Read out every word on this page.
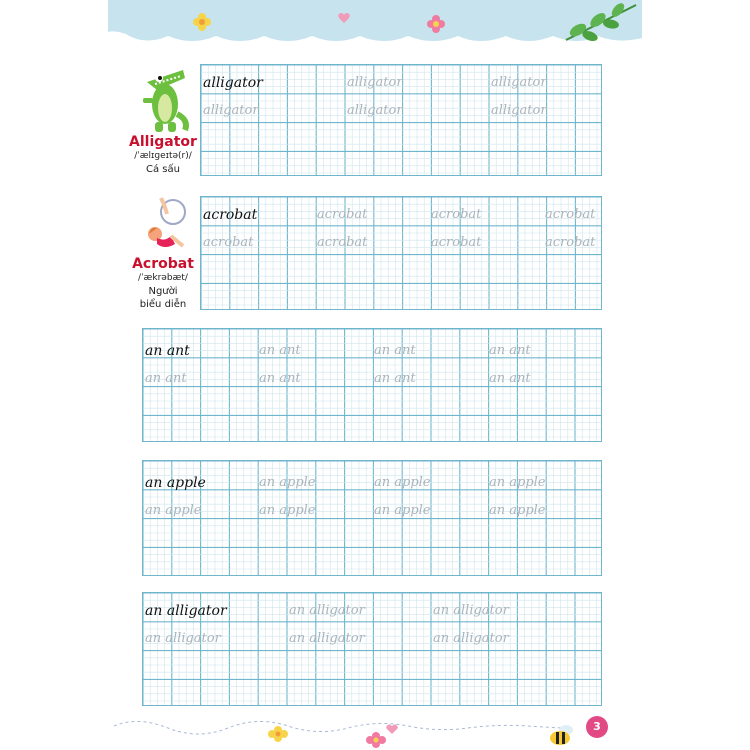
Alligator
/ˈælɪɡeɪtə(r)/
Cá sấu
Acrobat
/ˈækrəbæt/
Người
biểu diễn
alligator
alligator
alligator
alligator
alligator
alligator
acrobat
acrobat
acrobat
acrobat
acrobat
acrobat
acrobat
acrobat
an ant
an ant
an ant
an ant
an ant
an ant
an ant
an ant
an apple
an apple
an apple
an apple
an apple
an apple
an apple
an apple
an alligator
an alligator
an alligator
an alligator
an alligator
an alligator
3
